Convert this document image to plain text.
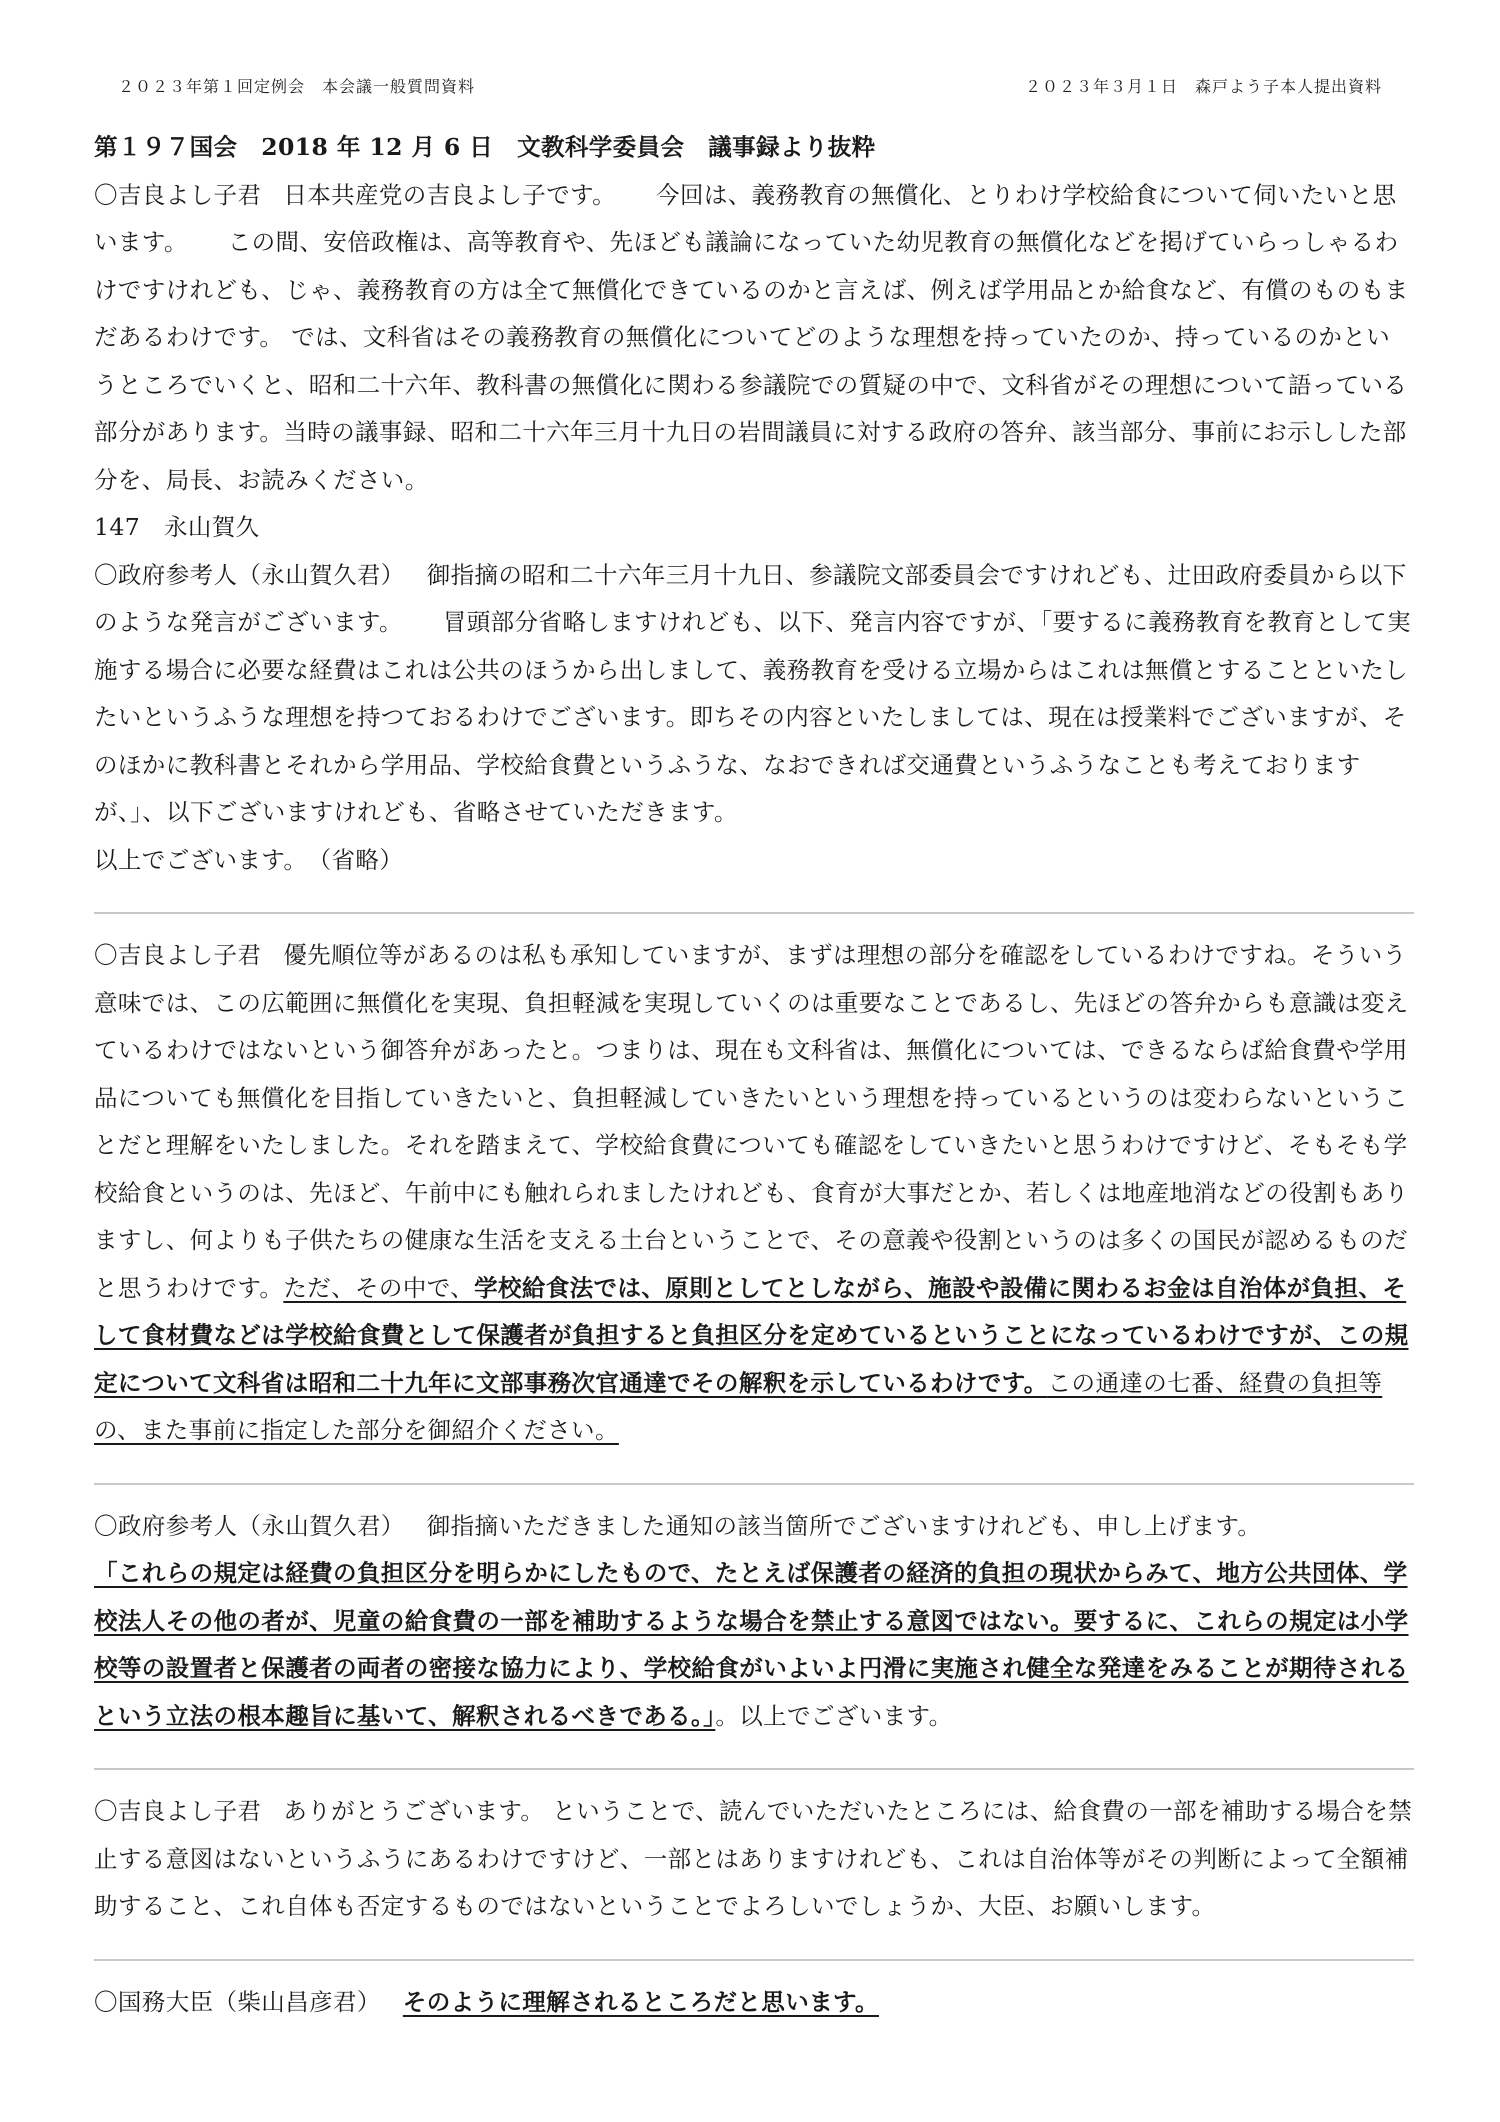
２０２３年第１回定例会　本会議一般質問資料	２０２３年３月１日　森戸よう子本人提出資料

第１９７国会　2018 年 12 月 6 日　文教科学委員会　議事録より抜粋

〇吉良よし子君 日本共産党の吉良よし子です。 今回は、義務教育の無償化、とりわけ学校給食について伺いたいと思います。 この間、安倍政権は、高等教育や、先ほども議論になっていた幼児教育の無償化などを掲げていらっしゃるわけですけれども、じゃ、義務教育の方は全て無償化できているのかと言えば、例えば学用品とか給食など、有償のものもまだあるわけです。 では、文科省はその義務教育の無償化についてどのような理想を持っていたのか、持っているのかというところでいくと、昭和二十六年、教科書の無償化に関わる参議院での質疑の中で、文科省がその理想について語っている部分があります。当時の議事録、昭和二十六年三月十九日の岩間議員に対する政府の答弁、該当部分、事前にお示しした部分を、局長、お読みください。

147　永山賀久

〇政府参考人（永山賀久君） 御指摘の昭和二十六年三月十九日、参議院文部委員会ですけれども、辻田政府委員から以下のような発言がございます。 冒頭部分省略しますけれども、以下、発言内容ですが、「要するに義務教育を教育として実施する場合に必要な経費はこれは公共のほうから出しまして、義務教育を受ける立場からはこれは無償とすることといたしたいというふうな理想を持つておるわけでございます。即ちその内容といたしましては、現在は授業料でございますが、そのほかに教科書とそれから学用品、学校給食費というふうな、なおできれば交通費というふうなことも考えておりますが、」、以下ございますけれども、省略させていただきます。
以上でございます。　（省略）

〇吉良よし子君 優先順位等があるのは私も承知していますが、まずは理想の部分を確認をしているわけですね。そういう意味では、この広範囲に無償化を実現、負担軽減を実現していくのは重要なことであるし、先ほどの答弁からも意識は変えているわけではないという御答弁があったと。つまりは、現在も文科省は、無償化については、できるならば給食費や学用品についても無償化を目指していきたいと、負担軽減していきたいという理想を持っているというのは変わらないということだと理解をいたしました。それを踏まえて、学校給食費についても確認をしていきたいと思うわけですけど、そもそも学校給食というのは、先ほど、午前中にも触れられましたけれども、食育が大事だとか、若しくは地産地消などの役割もありますし、何よりも子供たちの健康な生活を支える土台ということで、その意義や役割というのは多くの国民が認めるものだと思うわけです。ただ、その中で、学校給食法では、原則としてとしながら、施設や設備に関わるお金は自治体が負担、そして食材費などは学校給食費として保護者が負担すると負担区分を定めているということになっているわけですが、この規定について文科省は昭和二十九年に文部事務次官通達でその解釈を示しているわけです。この通達の七番、経費の負担等の、また事前に指定した部分を御紹介ください。

〇政府参考人（永山賀久君） 御指摘いただきました通知の該当箇所でございますけれども、申し上げます。
「これらの規定は経費の負担区分を明らかにしたもので、たとえば保護者の経済的負担の現状からみて、地方公共団体、学校法人その他の者が、児童の給食費の一部を補助するような場合を禁止する意図ではない。要するに、これらの規定は小学校等の設置者と保護者の両者の密接な協力により、学校給食がいよいよ円滑に実施され健全な発達をみることが期待されるという立法の根本趣旨に基いて、解釈されるべきである。」。以上でございます。

〇吉良よし子君 ありがとうございます。 ということで、読んでいただいたところには、給食費の一部を補助する場合を禁止する意図はないというふうにあるわけですけど、一部とはありますけれども、これは自治体等がその判断によって全額補助すること、これ自体も否定するものではないということでよろしいでしょうか、大臣、お願いします。

〇国務大臣（柴山昌彦君） そのように理解されるところだと思います。
